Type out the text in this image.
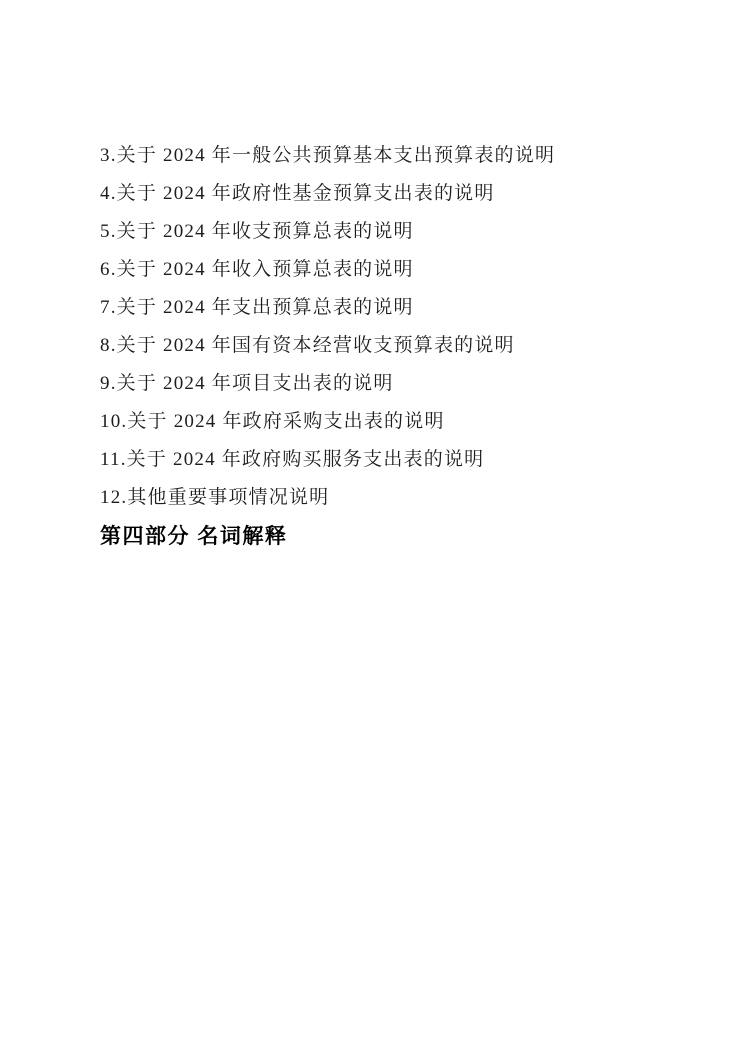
3.关于 2024 年一般公共预算基本支出预算表的说明
4.关于 2024 年政府性基金预算支出表的说明
5.关于 2024 年收支预算总表的说明
6.关于 2024 年收入预算总表的说明
7.关于 2024 年支出预算总表的说明
8.关于 2024 年国有资本经营收支预算表的说明
9.关于 2024 年项目支出表的说明
10.关于 2024 年政府采购支出表的说明
11.关于 2024 年政府购买服务支出表的说明
12.其他重要事项情况说明
第四部分 名词解释
